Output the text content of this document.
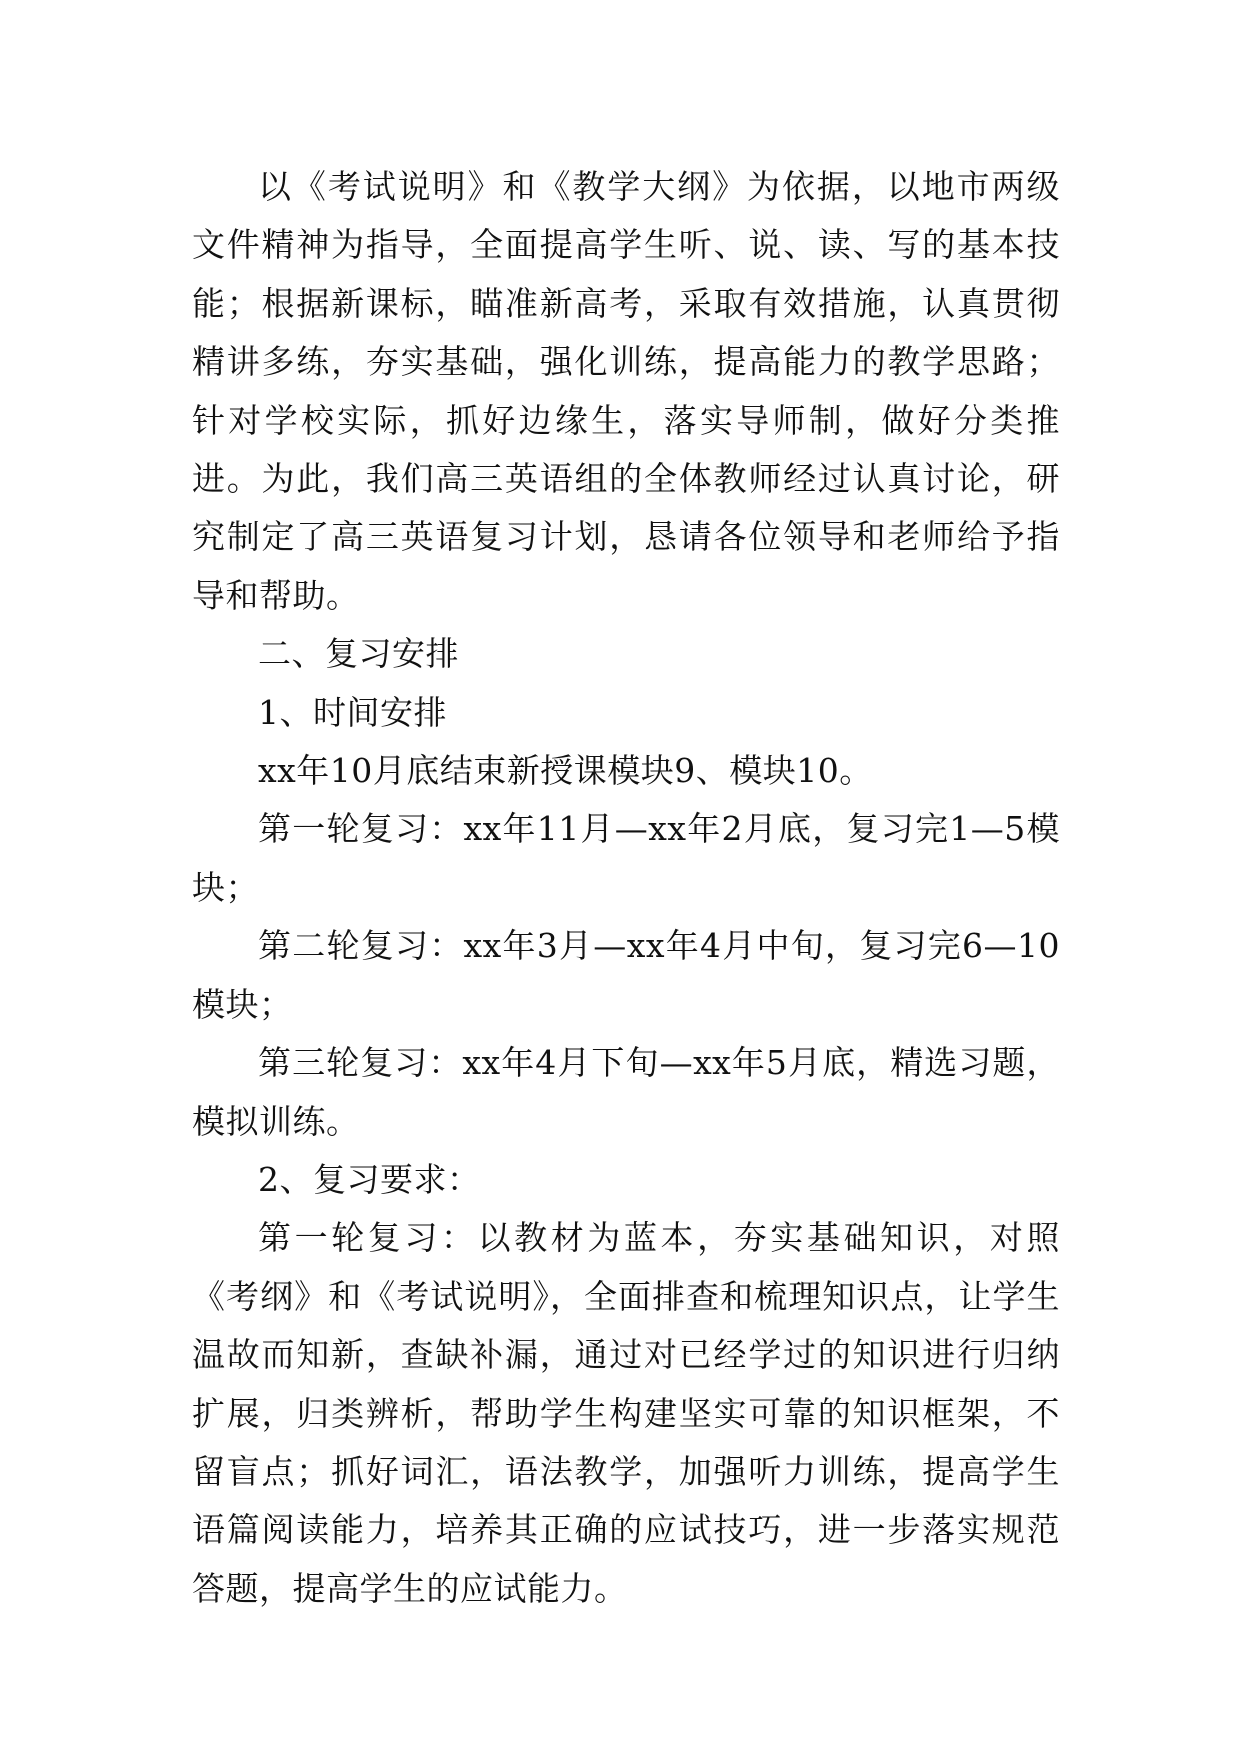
以《考试说明》和《教学大纲》为依据，以地市两级文件精神为指导，全面提高学生听、说、读、写的基本技能；根据新课标，瞄准新高考，采取有效措施，认真贯彻精讲多练，夯实基础，强化训练，提高能力的教学思路；针对学校实际，抓好边缘生，落实导师制，做好分类推进。为此，我们高三英语组的全体教师经过认真讨论，研究制定了高三英语复习计划，恳请各位领导和老师给予指导和帮助。

二、复习安排

1、时间安排

xx年10月底结束新授课模块9、模块10。

第一轮复习：xx年11月—xx年2月底，复习完1—5模块；

第二轮复习：xx年3月—xx年4月中旬，复习完6—10模块；

第三轮复习：xx年4月下旬—xx年5月底，精选习题，模拟训练。

2、复习要求：

第一轮复习：以教材为蓝本，夯实基础知识，对照《考纲》和《考试说明》，全面排查和梳理知识点，让学生温故而知新，查缺补漏，通过对已经学过的知识进行归纳扩展，归类辨析，帮助学生构建坚实可靠的知识框架，不留盲点；抓好词汇，语法教学，加强听力训练，提高学生语篇阅读能力，培养其正确的应试技巧，进一步落实规范答题，提高学生的应试能力。
